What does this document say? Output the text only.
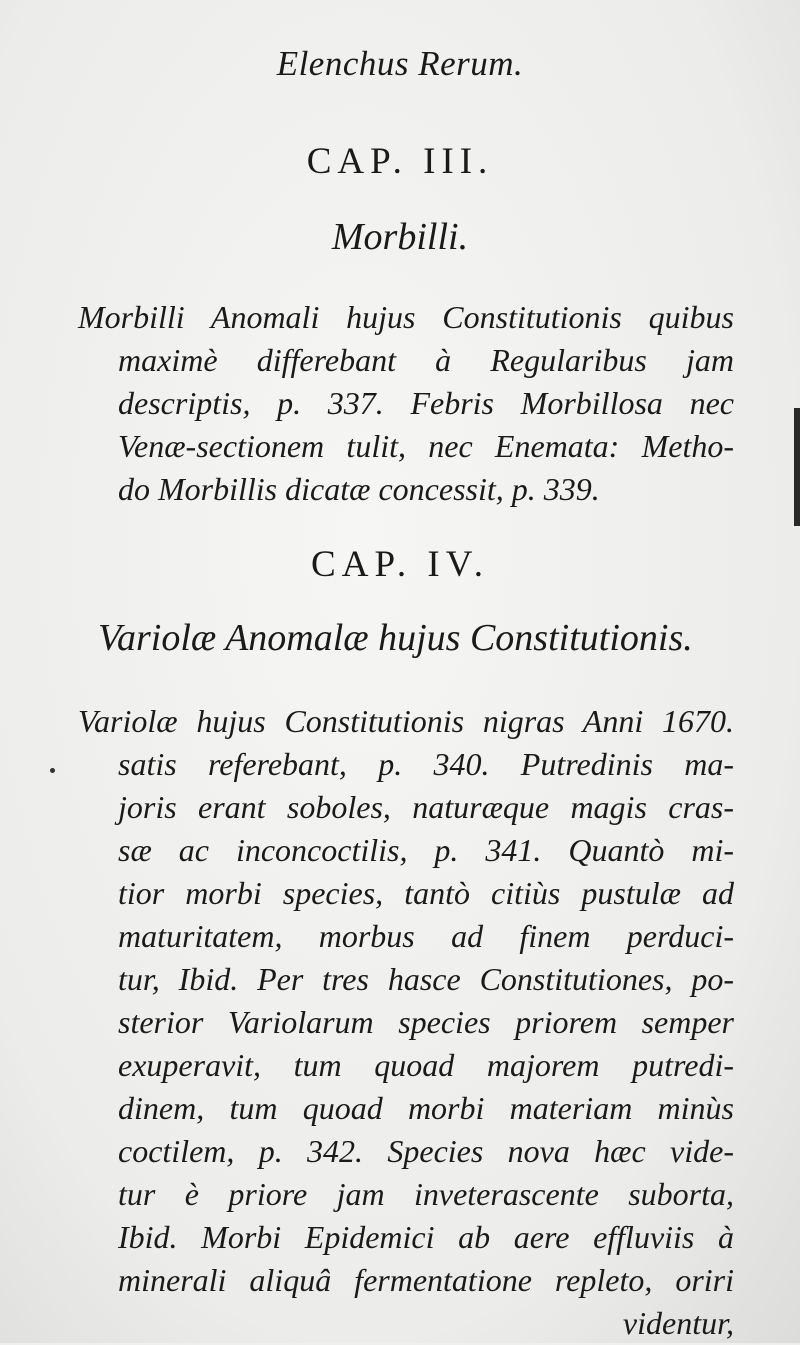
Elenchus Rerum.
CAP. III.
Morbilli.
Morbilli Anomali hujus Constitutionis quibus
maximè differebant à Regularibus jam
descriptis, p. 337. Febris Morbillosa nec
Venæ-sectionem tulit, nec Enemata: Metho-
do Morbillis dicatæ concessit, p. 339.
CAP. IV.
Variolæ Anomalæ hujus Constitutionis.
Variolæ hujus Constitutionis nigras Anni 1670.
satis referebant, p. 340. Putredinis ma-
joris erant soboles, naturæque magis cras-
sæ ac inconcoctilis, p. 341. Quantò mi-
tior morbi species, tantò citiùs pustulæ ad
maturitatem, morbus ad finem perduci-
tur, Ibid. Per tres hasce Constitutiones, po-
sterior Variolarum species priorem semper
exuperavit, tum quoad majorem putredi-
dinem, tum quoad morbi materiam minùs
coctilem, p. 342. Species nova hæc vide-
tur è priore jam inveterascente suborta,
Ibid. Morbi Epidemici ab aere effluviis à
minerali aliquâ fermentatione repleto, oriri
videntur,
